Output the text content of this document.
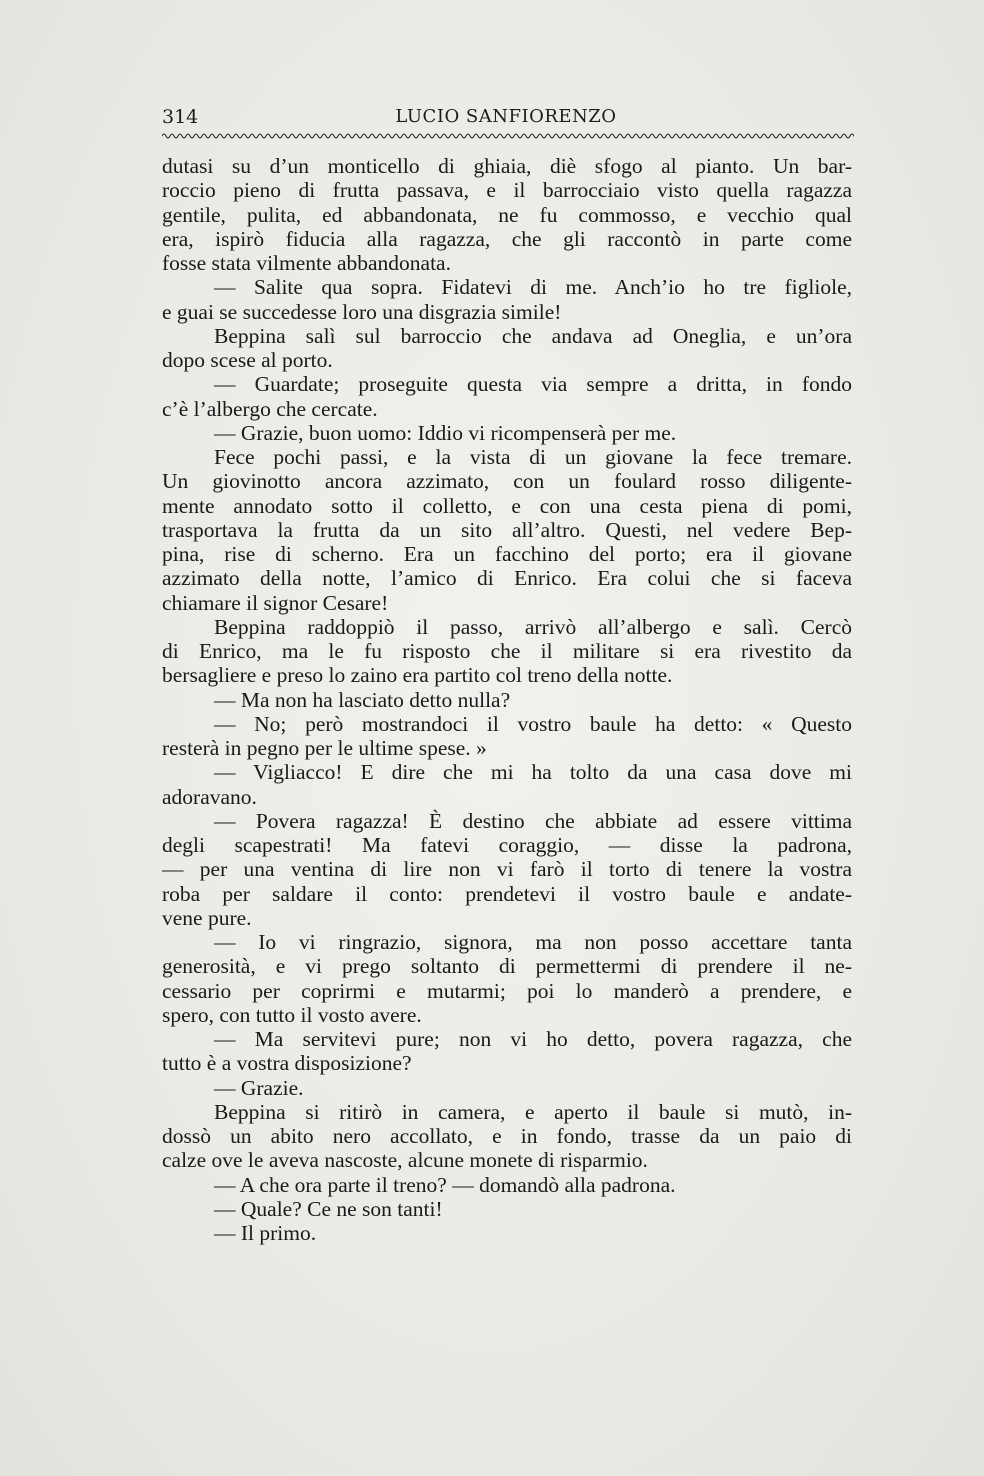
314	LUCIO SANFIORENZO
dutasi su d’un monticello di ghiaia, diè sfogo al pianto. Un bar-
roccio pieno di frutta passava, e il barrocciaio visto quella ragazza
gentile, pulita, ed abbandonata, ne fu commosso, e vecchio qual
era, ispirò fiducia alla ragazza, che gli raccontò in parte come
fosse stata vilmente abbandonata.
— Salite qua sopra. Fidatevi di me. Anch’io ho tre figliole,
e guai se succedesse loro una disgrazia simile!
Beppina salì sul barroccio che andava ad Oneglia, e un’ora
dopo scese al porto.
— Guardate; proseguite questa via sempre a dritta, in fondo
c’è l’albergo che cercate.
— Grazie, buon uomo: Iddio vi ricompenserà per me.
Fece pochi passi, e la vista di un giovane la fece tremare.
Un giovinotto ancora azzimato, con un foulard rosso diligente-
mente annodato sotto il colletto, e con una cesta piena di pomi,
trasportava la frutta da un sito all’altro. Questi, nel vedere Bep-
pina, rise di scherno. Era un facchino del porto; era il giovane
azzimato della notte, l’amico di Enrico. Era colui che si faceva
chiamare il signor Cesare!
Beppina raddoppiò il passo, arrivò all’albergo e salì. Cercò
di Enrico, ma le fu risposto che il militare si era rivestito da
bersagliere e preso lo zaino era partito col treno della notte.
— Ma non ha lasciato detto nulla?
— No; però mostrandoci il vostro baule ha detto: « Questo
resterà in pegno per le ultime spese. »
— Vigliacco! E dire che mi ha tolto da una casa dove mi
adoravano.
— Povera ragazza! È destino che abbiate ad essere vittima
degli scapestrati! Ma fatevi coraggio, — disse la padrona,
— per una ventina di lire non vi farò il torto di tenere la vostra
roba per saldare il conto: prendetevi il vostro baule e andate-
vene pure.
— Io vi ringrazio, signora, ma non posso accettare tanta
generosità, e vi prego soltanto di permettermi di prendere il ne-
cessario per coprirmi e mutarmi; poi lo manderò a prendere, e
spero, con tutto il vosto avere.
— Ma servitevi pure; non vi ho detto, povera ragazza, che
tutto è a vostra disposizione?
— Grazie.
Beppina si ritirò in camera, e aperto il baule si mutò, in-
dossò un abito nero accollato, e in fondo, trasse da un paio di
calze ove le aveva nascoste, alcune monete di risparmio.
— A che ora parte il treno? — domandò alla padrona.
— Quale? Ce ne son tanti!
— Il primo.
